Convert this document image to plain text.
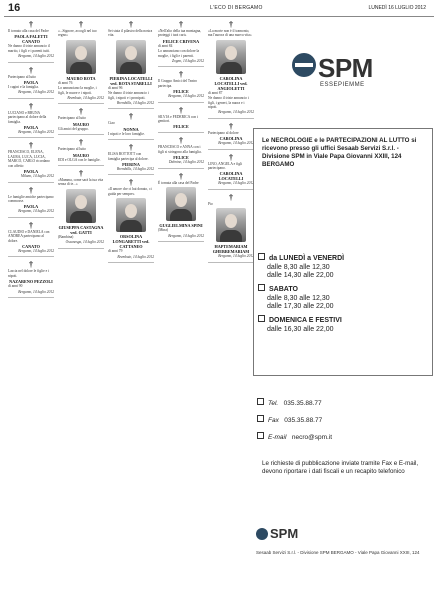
16	L'ECO DI BERGAMO	LUNEDÌ 16 LUGLIO 2012
†
Il tornato alla casa del Padre
PAOLA FALETTI CANATO
Ne danno il triste annuncio il marito, i figli e i parenti tutti.
Bergamo, 14 luglio 2012
†
Partecipano al lutto
PAOLA
I cugini e la famiglia.
Bergamo, 14 luglio 2012
†
LUCIANO e BRUNA partecipano al dolore della famiglia.
PAOLA
Bergamo, 14 luglio 2012
†
FRANCESCO, ELENA, LAURA, LUCA, LUCIA, MARCO, CARLO ricordano con affetto
PAOLA
Milano, 14 luglio 2012
†
Le famiglie amiche partecipano commosse.
PAOLA
Bergamo, 14 luglio 2012
†
CLAUDIO e DANIELA con ANDREA partecipano al dolore.
CANATO
Bergamo, 14 luglio 2012
†
Lascia nel dolore le figlie e i nipoti.
NAZARENO PEZZOLI
di anni 90
Bergamo, 14 luglio 2012
†
«...Signore, accogli nel tuo regno»
MAURO ROTA
di anni 76
Lo annunciano la moglie, i figli, le nuore e i nipoti.
Brembate, 14 luglio 2012
†
Partecipano al lutto
MAURO
Gli amici del gruppo.
†
Partecipano al lutto
MAURO
EDI e OLGA con le famiglie.
†
«Mamma, come sarà la tua vita senza di te...»
GIUSEPPA CASTAGNA ved. GATTI
(Bambina)
Ossanesga, 14 luglio 2012
†
Sei stata il pilastro della nostra vita.
PIERINA LOCATELLI ved. ROTA STABELLI
di anni 96
Ne danno il triste annuncio i figli, i nipoti e i pronipoti.
Brembilla, 14 luglio 2012
†
Ciao
NONNA
I nipoti e le loro famiglie.
†
ELISA ROTTOTT con famiglia partecipa al dolore.
PIERINA
Brembilla, 14 luglio 2012
†
«Il amore che ci hai donato, ci guida per sempre»
ORSOLINA LONGARETTI ved. CATTANEO
di anni 79
Brembate, 14 luglio 2012
†
«Nell'alto della tua montagna, proteggi i tuoi cari»
FELICE CRIVENA
di anni 84
Lo annunciano con dolore la moglie, i figli e i parenti.
Zogno, 14 luglio 2012
†
Il Gruppo Amici del Teatro partecipa.
FELICE
Bergamo, 14 luglio 2012
†
SILVIA e FEDERICA con i genitori.
FELICE
†
FRANCESCO e ANNA con i figli si stringono alla famiglia.
FELICE
Dalmine, 14 luglio 2012
†
È tornata alla casa del Padre
GUGLIELMINA SPINI
(Mina)
Bergamo, 14 luglio 2012
†
«La morte non è il tramonto, ma l'aurora di una nuova vita»
CAROLINA LOCATELLI ved. ANGIOLETTI
di anni 87
Ne danno il triste annuncio i figli, i generi, la nuora e i nipoti.
Bergamo, 14 luglio 2012
†
Partecipano al dolore
CAROLINA
Bergamo, 14 luglio 2012
†
LINO, ANGELA e figli partecipano.
CAROLINA LOCATELLI
Bergamo, 14 luglio 2012
†
Pio
HAPTEMARIAM GHEBREMARIAM
Bergamo, 14 luglio 2012
SPM
ESSEPIEMME
Le NECROLOGIE e le PARTECIPAZIONI AL LUTTO si ricevono presso gli uffici Sesaab Servizi S.r.l. - Divisione SPM in Viale Papa Giovanni XXIII, 124 BERGAMO
da LUNEDÌ a VENERDÌ
dalle 8,30 alle 12,30
dalle 14,30 alle 22,00
SABATO
dalle 8,30 alle 12,30
dalle 17,30 alle 22,00
DOMENICA E FESTIVI
dalle 16,30 alle 22,00
Tel. 035.35.88.77
Fax 035.35.88.77
E-mail necro@spm.it
Le richieste di pubblicazione inviate tramite Fax e E-mail, devono riportare i dati fiscali e un recapito telefonico
SPM
Sesaab Servizi S.r.l. - Divisione SPM BERGAMO - Viale Papa Giovanni XXIII, 124
